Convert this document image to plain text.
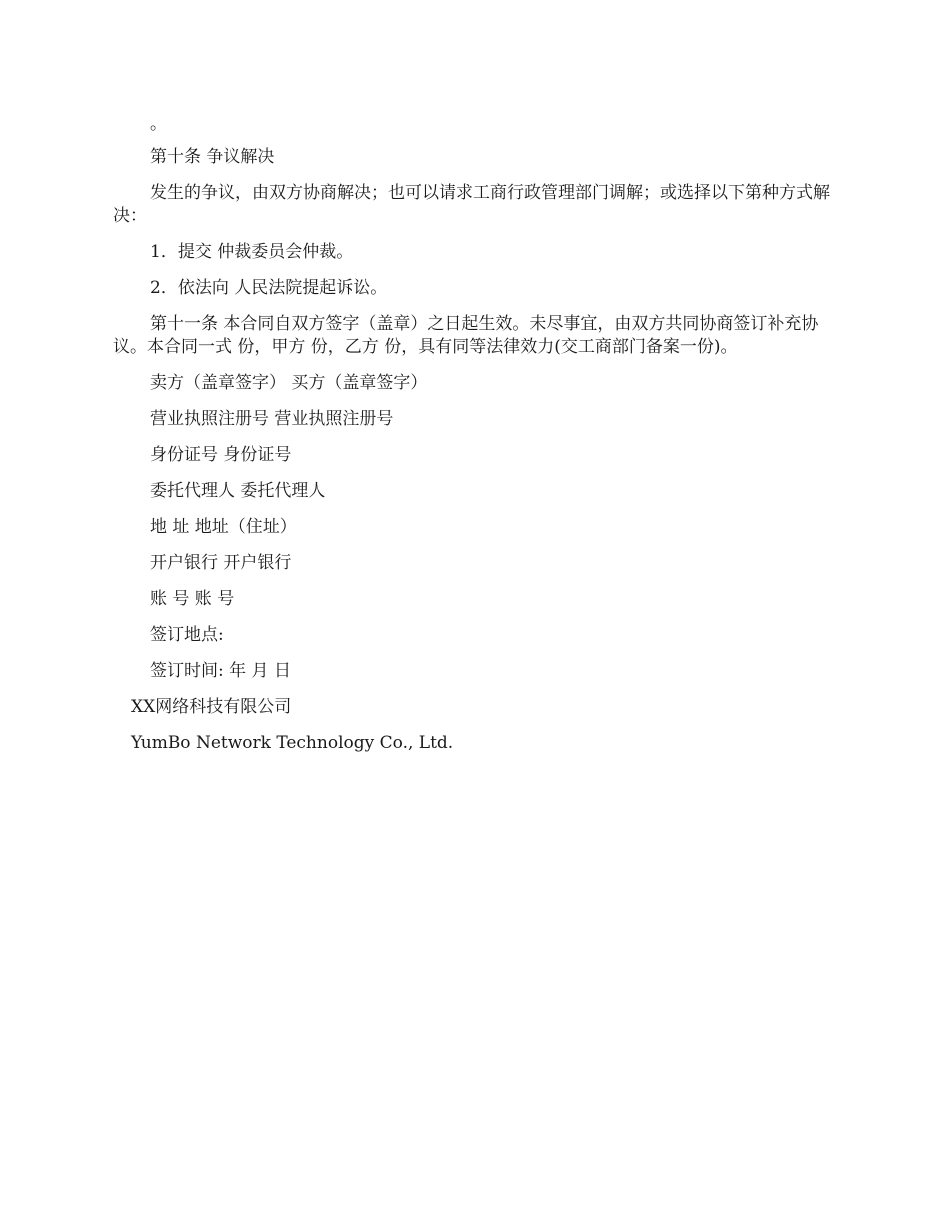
。

第十条 争议解决

发生的争议，由双方协商解决；也可以请求工商行政管理部门调解；或选择以下第种方式解决：

1．提交 仲裁委员会仲裁。

2．依法向 人民法院提起诉讼。

第十一条 本合同自双方签字（盖章）之日起生效。未尽事宜，由双方共同协商签订补充协议。本合同一式 份，甲方 份，乙方 份，具有同等法律效力(交工商部门备案一份)。

卖方（盖章签字） 买方（盖章签字）

营业执照注册号 营业执照注册号

身份证号 身份证号

委托代理人 委托代理人

地 址 地址（住址）

开户银行 开户银行

账 号 账 号

签订地点:

签订时间: 年 月 日

XX网络科技有限公司

YumBo Network Technology Co., Ltd.
